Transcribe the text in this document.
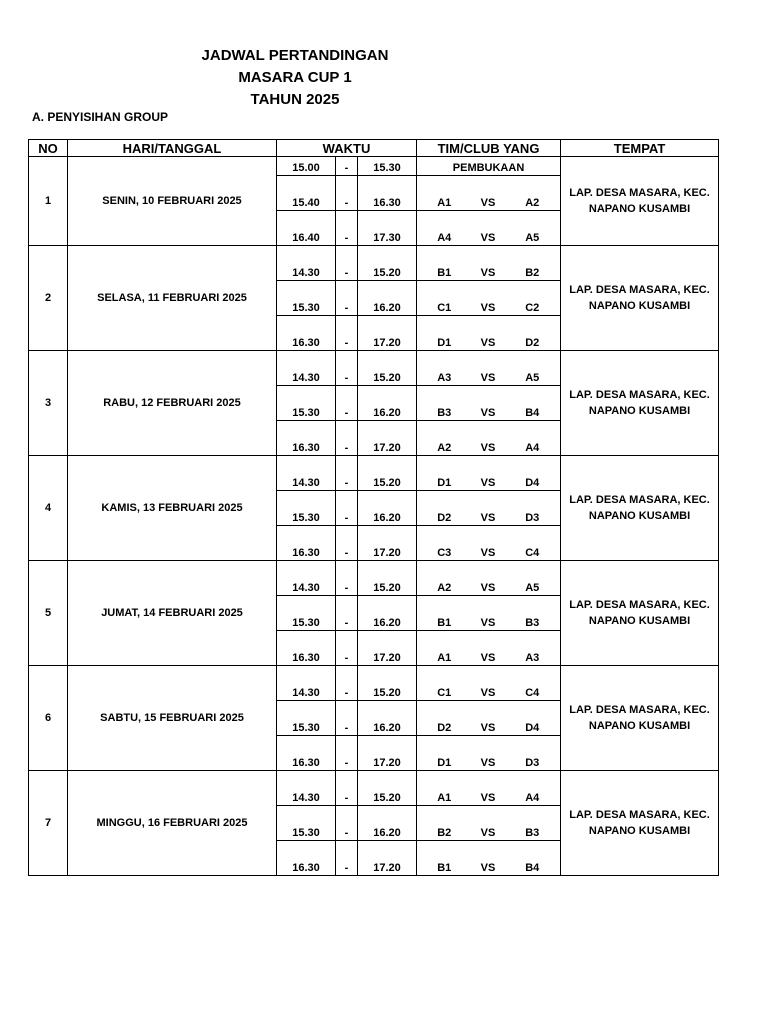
JADWAL PERTANDINGAN
MASARA CUP 1
TAHUN 2025
A. PENYISIHAN GROUP
NO	HARI/TANGGAL	WAKTU			TIM/CLUB YANG			TEMPAT
1	SENIN, 10 FEBRUARI 2025	15.00	-	15.30	PEMBUKAAN			LAP. DESA MASARA, KEC.
NAPANO KUSAMBI

		15.40	-	16.30	A1	VS	A2	
		16.40	-	17.30	A4	VS	A5	
2	SELASA, 11 FEBRUARI 2025	14.30	-	15.20	B1	VS	B2	LAP. DESA MASARA, KEC.
NAPANO KUSAMBI

		15.30	-	16.20	C1	VS	C2	
		16.30	-	17.20	D1	VS	D2	
3	RABU, 12 FEBRUARI 2025	14.30	-	15.20	A3	VS	A5	LAP. DESA MASARA, KEC.
NAPANO KUSAMBI

		15.30	-	16.20	B3	VS	B4	
		16.30	-	17.20	A2	VS	A4	
4	KAMIS, 13 FEBRUARI 2025	14.30	-	15.20	D1	VS	D4	LAP. DESA MASARA, KEC.
NAPANO KUSAMBI

		15.30	-	16.20	D2	VS	D3	
		16.30	-	17.20	C3	VS	C4	
5	JUMAT, 14 FEBRUARI 2025	14.30	-	15.20	A2	VS	A5	LAP. DESA MASARA, KEC.
NAPANO KUSAMBI

		15.30	-	16.20	B1	VS	B3	
		16.30	-	17.20	A1	VS	A3	
6	SABTU, 15 FEBRUARI 2025	14.30	-	15.20	C1	VS	C4	LAP. DESA MASARA, KEC.
NAPANO KUSAMBI

		15.30	-	16.20	D2	VS	D4	
		16.30	-	17.20	D1	VS	D3	
7	MINGGU, 16 FEBRUARI 2025	14.30	-	15.20	A1	VS	A4	LAP. DESA MASARA, KEC.
NAPANO KUSAMBI

		15.30	-	16.20	B2	VS	B3	
		16.30	-	17.20	B1	VS	B4	
